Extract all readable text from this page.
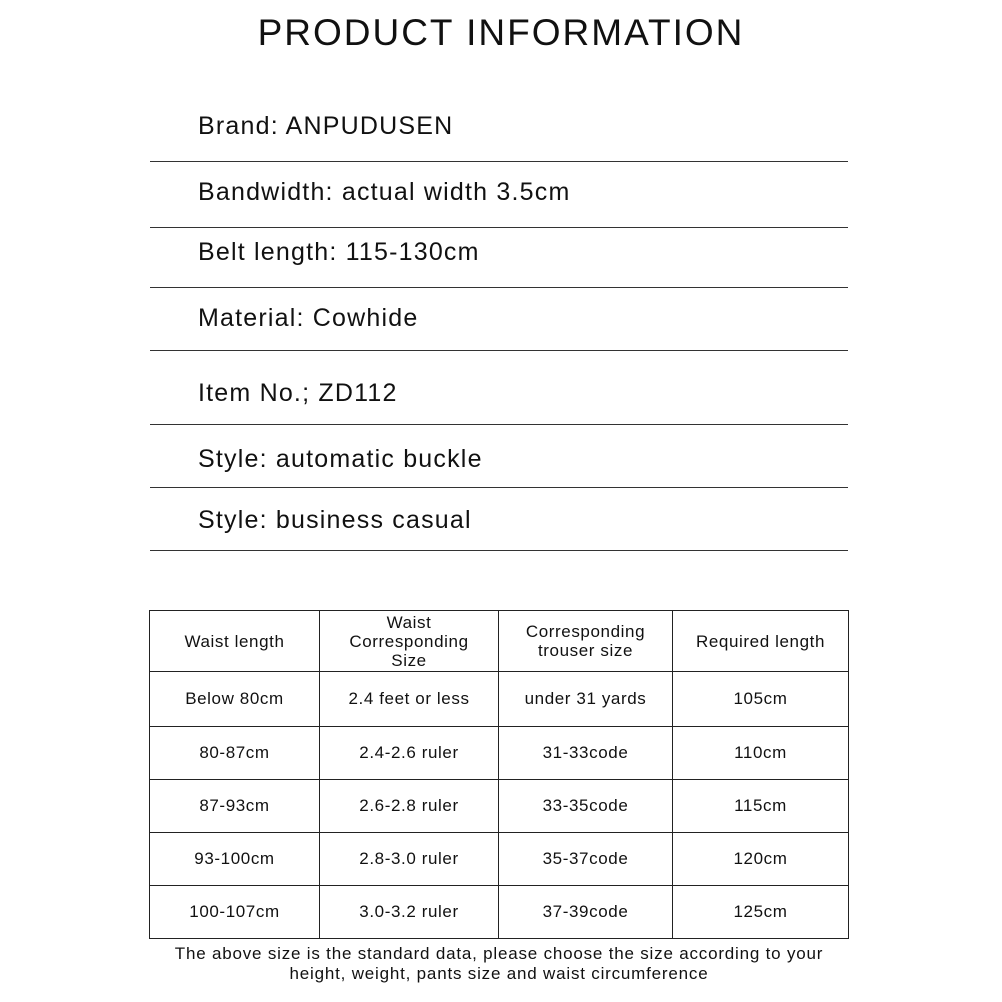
PRODUCT INFORMATION
Brand: ANPUDUSEN
Bandwidth: actual width 3.5cm
Belt length: 115-130cm
Material: Cowhide
Item No.; ZD112
Style: automatic buckle
Style: business casual
Waist length	Waist Corresponding Size	Corresponding trouser size	Required length
Below 80cm	2.4 feet or less	under 31 yards	105cm
80-87cm	2.4-2.6 ruler	31-33code	110cm
87-93cm	2.6-2.8 ruler	33-35code	115cm
93-100cm	2.8-3.0 ruler	35-37code	120cm
100-107cm	3.0-3.2 ruler	37-39code	125cm

The above size is the standard data, please choose the size according to your height, weight, pants size and waist circumference
